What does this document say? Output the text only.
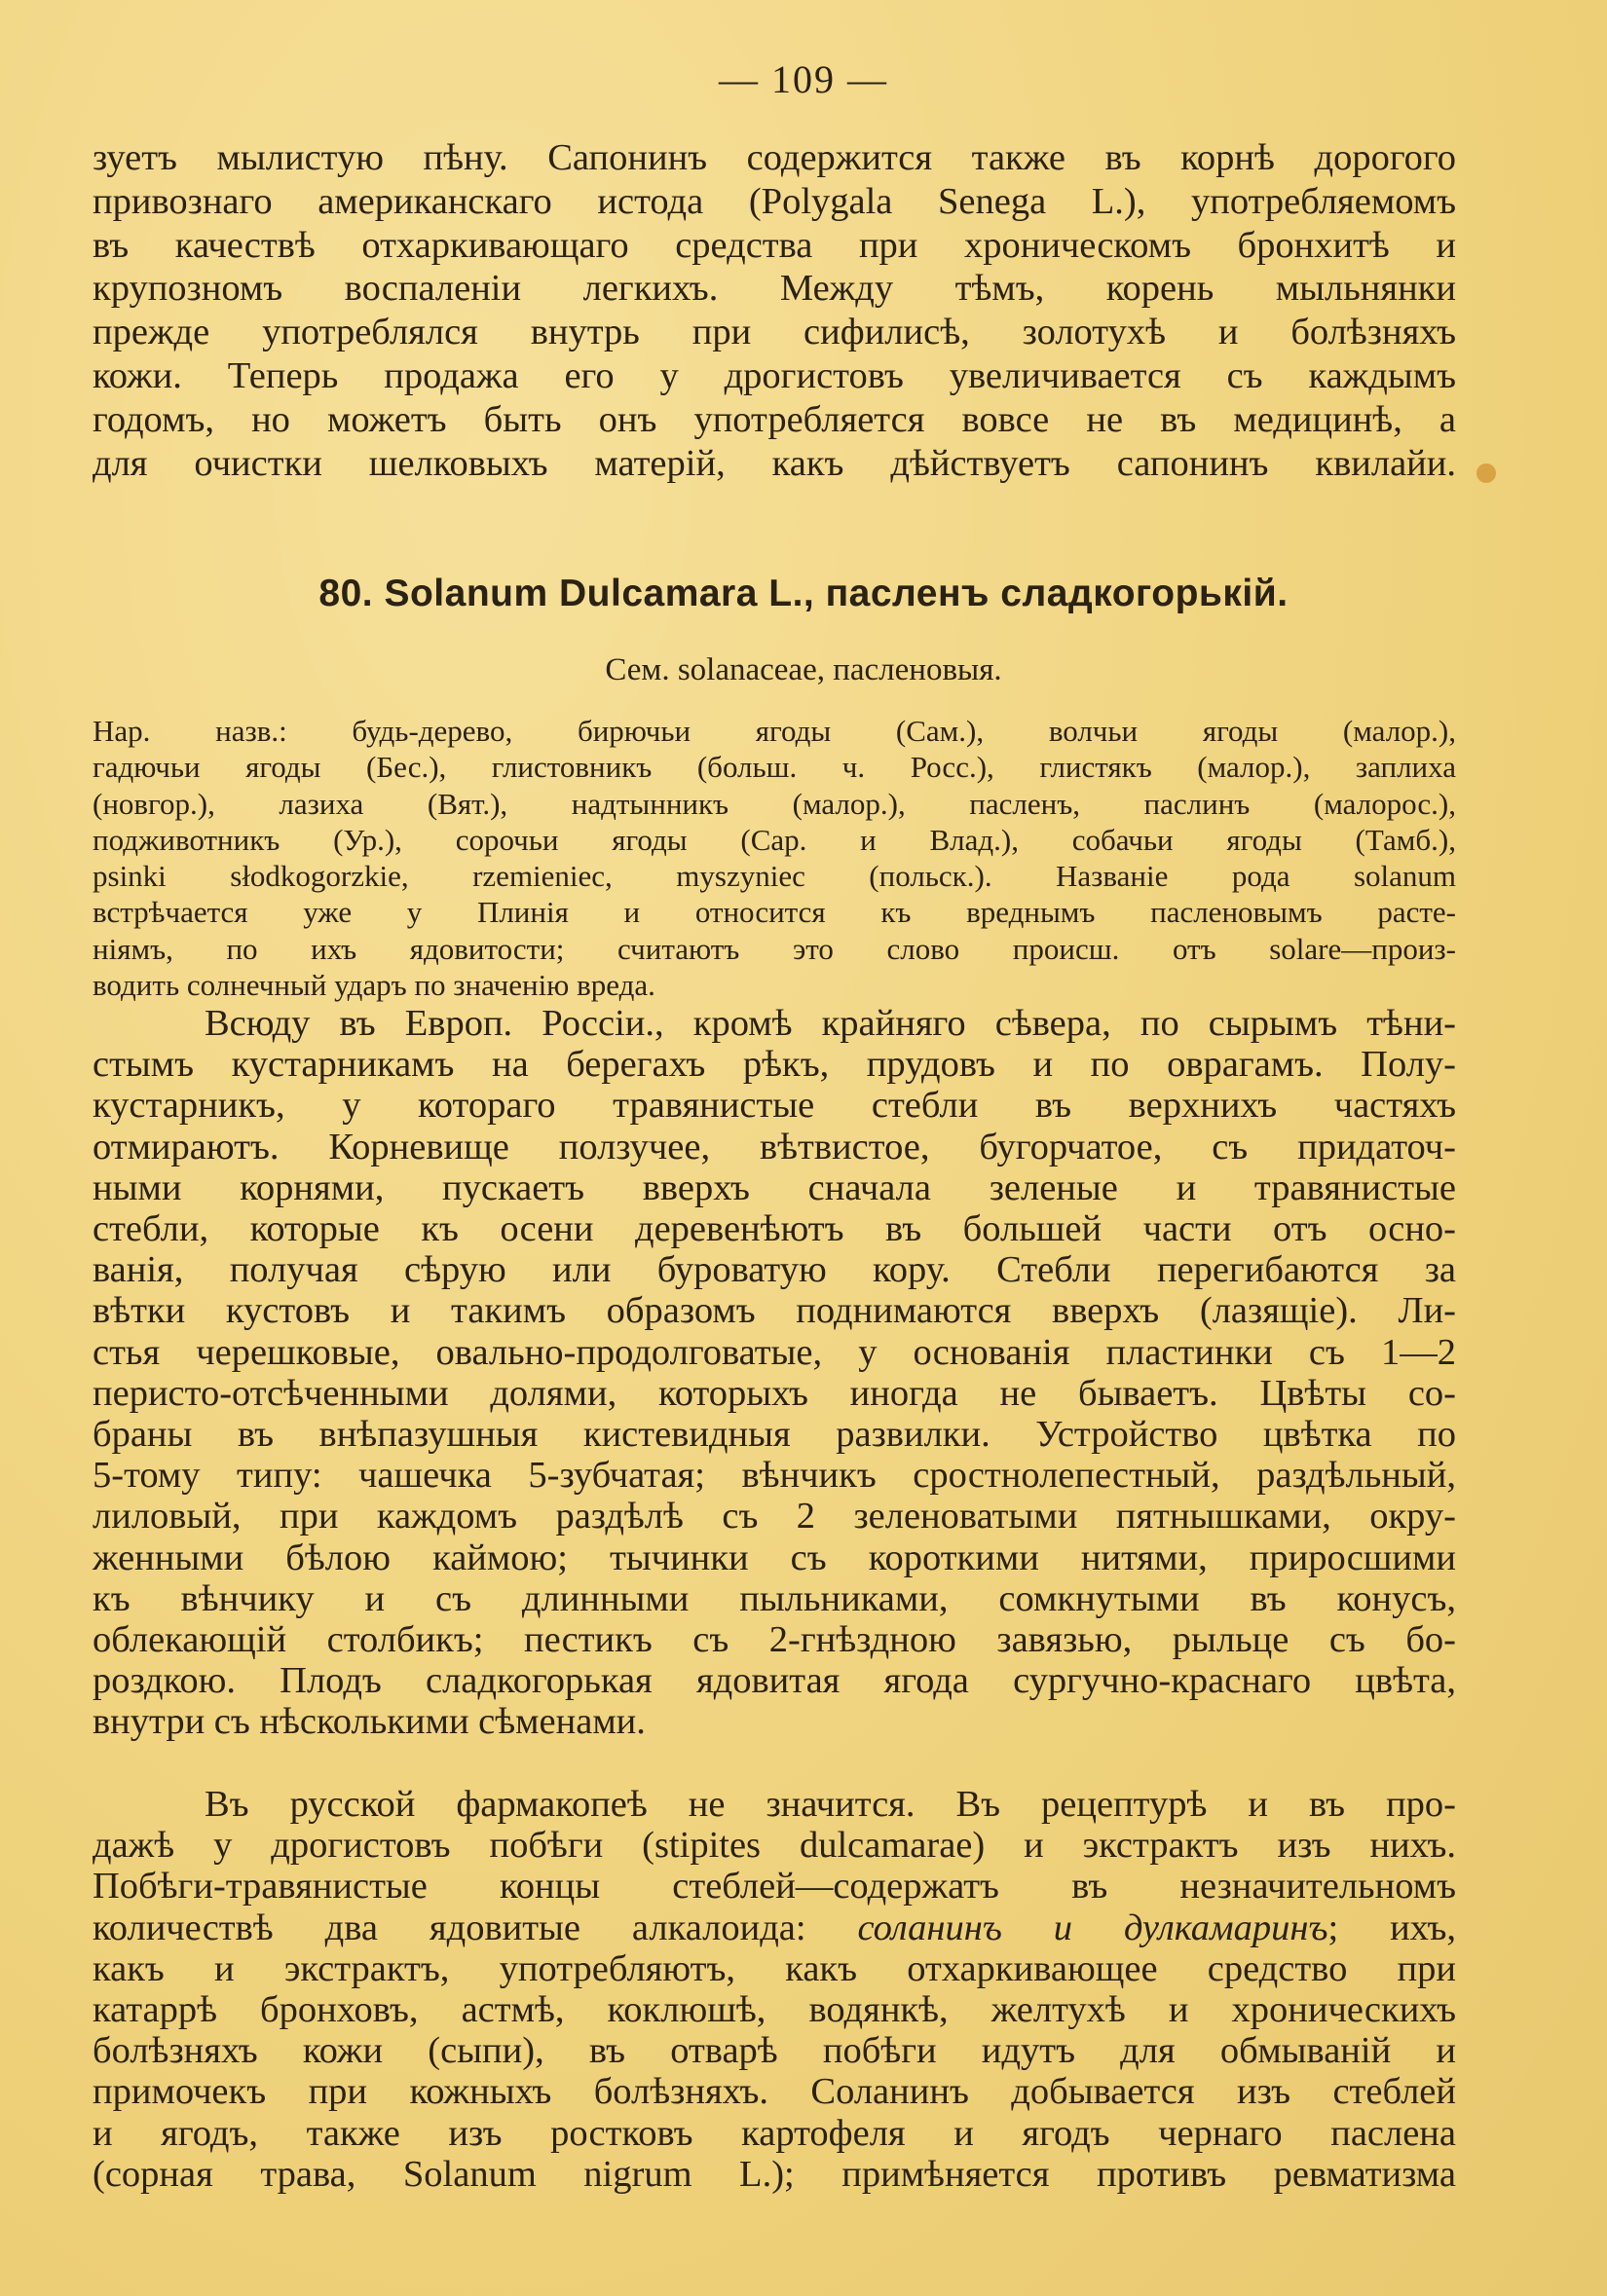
— 109 —
зуетъ мылистую пѣну. Сапонинъ содержится также въ корнѣ дорогого
привознаго американскаго истода (Polygala Senega L.), употребляемомъ
въ качествѣ отхаркивающаго средства при хроническомъ бронхитѣ и
крупозномъ воспаленіи легкихъ. Между тѣмъ, корень мыльнянки
прежде употреблялся внутрь при сифилисѣ, золотухѣ и болѣзняхъ
кожи. Теперь продажа его у дрогистовъ увеличивается съ каждымъ
годомъ, но можетъ быть онъ употребляется вовсе не въ медицинѣ, а
для очистки шелковыхъ матерій, какъ дѣйствуетъ сапонинъ квилайи.
80. Solanum Dulcamara L., пасленъ сладкогорькій.
Сем. solanaceae, пасленовыя.
Нар. назв.: будь-дерево, бирючьи ягоды (Сам.), волчьи ягоды (малор.),
гадючьи ягоды (Бес.), глистовникъ (больш. ч. Росс.), глистякъ (малор.), заплиха
(новгор.), лазиха (Вят.), надтынникъ (малор.), пасленъ, паслинъ (малорос.),
подживотникъ (Ур.), сорочьи ягоды (Сар. и Влад.), собачьи ягоды (Тамб.),
psinki słodkogorzkie, rzemieniec, myszyniec (польск.). Названіе рода solanum
встрѣчается уже у Плинія и относится къ вреднымъ пасленовымъ расте-
ніямъ, по ихъ ядовитости; считаютъ это слово происш. отъ solare—произ-
водить солнечный ударъ по значенію вреда.
Всюду въ Европ. Россіи., кромѣ крайняго сѣвера, по сырымъ тѣни-
стымъ кустарникамъ на берегахъ рѣкъ, прудовъ и по оврагамъ. Полу-
кустарникъ, у котораго травянистые стебли въ верхнихъ частяхъ
отмираютъ. Корневище ползучее, вѣтвистое, бугорчатое, съ придаточ-
ными корнями, пускаетъ вверхъ сначала зеленые и травянистые
стебли, которые къ осени деревенѣютъ въ большей части отъ осно-
ванія, получая сѣрую или буроватую кору. Стебли перегибаются за
вѣтки кустовъ и такимъ образомъ поднимаются вверхъ (лазящіе). Ли-
стья черешковые, овально-продолговатые, у основанія пластинки съ 1—2
перисто-отсѣченными долями, которыхъ иногда не бываетъ. Цвѣты со-
браны въ внѣпазушныя кистевидныя развилки. Устройство цвѣтка по
5-тому типу: чашечка 5-зубчатая; вѣнчикъ сростнолепестный, раздѣльный,
лиловый, при каждомъ раздѣлѣ съ 2 зеленоватыми пятнышками, окру-
женными бѣлою каймою; тычинки съ короткими нитями, приросшими
къ вѣнчику и съ длинными пыльниками, сомкнутыми въ конусъ,
облекающій столбикъ; пестикъ съ 2-гнѣздною завязью, рыльце съ бо-
роздкою. Плодъ сладкогорькая ядовитая ягода сургучно-краснаго цвѣта,
внутри съ нѣсколькими сѣменами.
Въ русской фармакопеѣ не значится. Въ рецептурѣ и въ про-
дажѣ у дрогистовъ побѣги (stipites dulcamarae) и экстрактъ изъ нихъ.
Побѣги-травянистые концы стеблей—содержатъ въ незначительномъ
количествѣ два ядовитые алкалоида: соланинъ и дулкамаринъ; ихъ,
какъ и экстрактъ, употребляютъ, какъ отхаркивающее средство при
катаррѣ бронховъ, астмѣ, коклюшѣ, водянкѣ, желтухѣ и хроническихъ
болѣзняхъ кожи (сыпи), въ отварѣ побѣги идутъ для обмыванiй и
примочекъ при кожныхъ болѣзняхъ. Соланинъ добывается изъ стеблей
и ягодъ, также изъ ростковъ картофеля и ягодъ чернаго паслена
(сорная трава, Solanum nigrum L.); примѣняется противъ ревматизма
